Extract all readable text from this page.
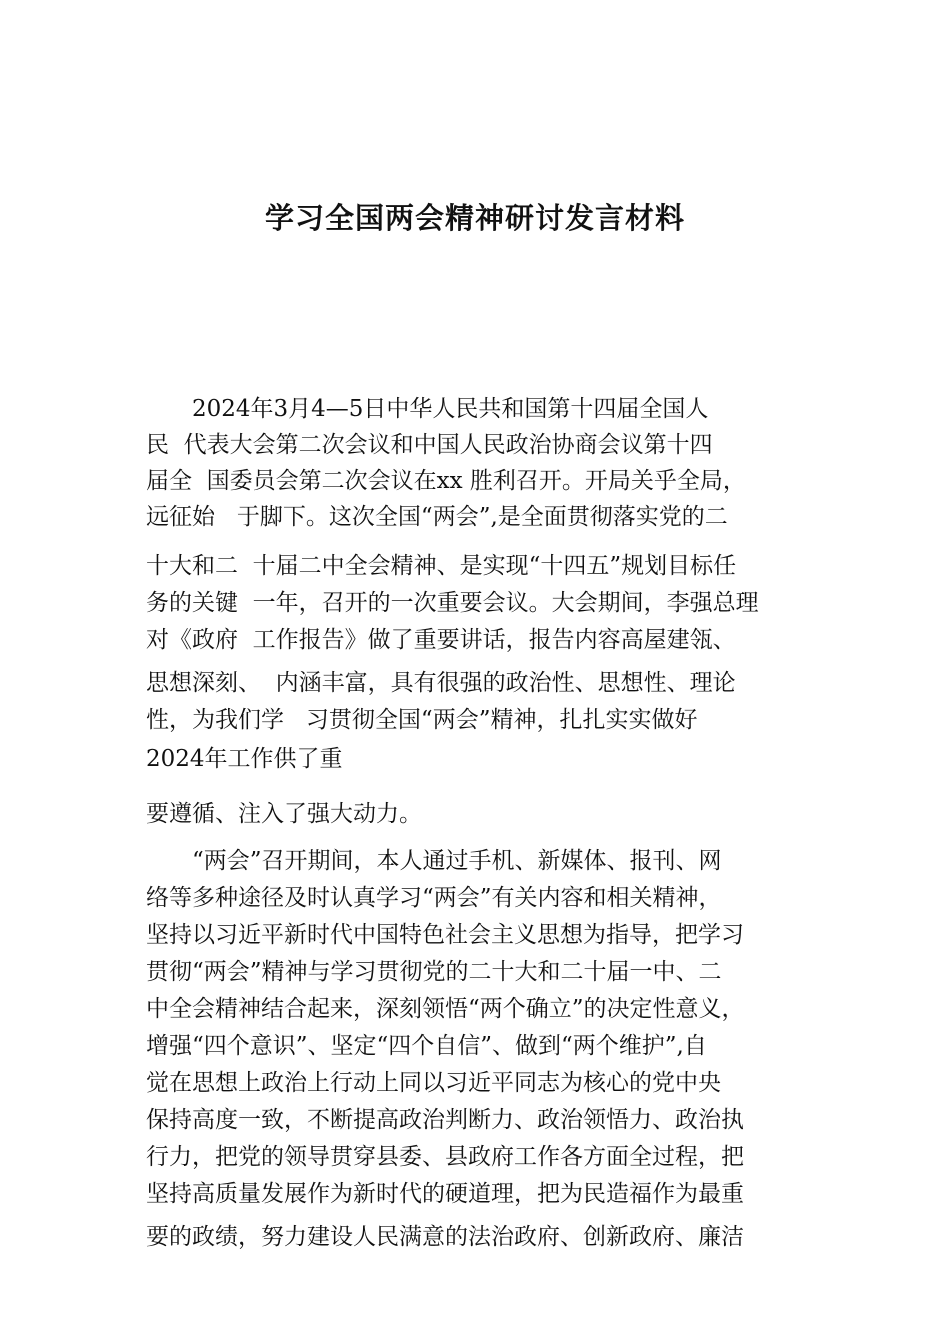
学习全国两会精神研讨发言材料
　　2024年3月4—5日中华人民共和国第十四届全国人
民  代表大会第二次会议和中国人民政治协商会议第十四
届全  国委员会第二次会议在xx 胜利召开。开局关乎全局，
远征始   于脚下。这次全国“两会”,是全面贯彻落实党的二
十大和二  十届二中全会精神、是实现“十四五”规划目标任
务的关键  一年，召开的一次重要会议。大会期间，李强总理
对《政府  工作报告》做了重要讲话，报告内容高屋建瓴、
思想深刻、  内涵丰富，具有很强的政治性、思想性、理论
性，为我们学   习贯彻全国“两会”精神，扎扎实实做好
2024年工作供了重
要遵循、注入了强大动力。
　　“两会”召开期间，本人通过手机、新媒体、报刊、网
络等多种途径及时认真学习“两会”有关内容和相关精神，
坚持以习近平新时代中国特色社会主义思想为指导，把学习
贯彻“两会”精神与学习贯彻党的二十大和二十届一中、二
中全会精神结合起来，深刻领悟“两个确立”的决定性意义，
增强“四个意识”、坚定“四个自信”、做到“两个维护”,自
觉在思想上政治上行动上同以习近平同志为核心的党中央
保持高度一致，不断提高政治判断力、政治领悟力、政治执
行力，把党的领导贯穿县委、县政府工作各方面全过程，把
坚持高质量发展作为新时代的硬道理，把为民造福作为最重
要的政绩，努力建设人民满意的法治政府、创新政府、廉洁
